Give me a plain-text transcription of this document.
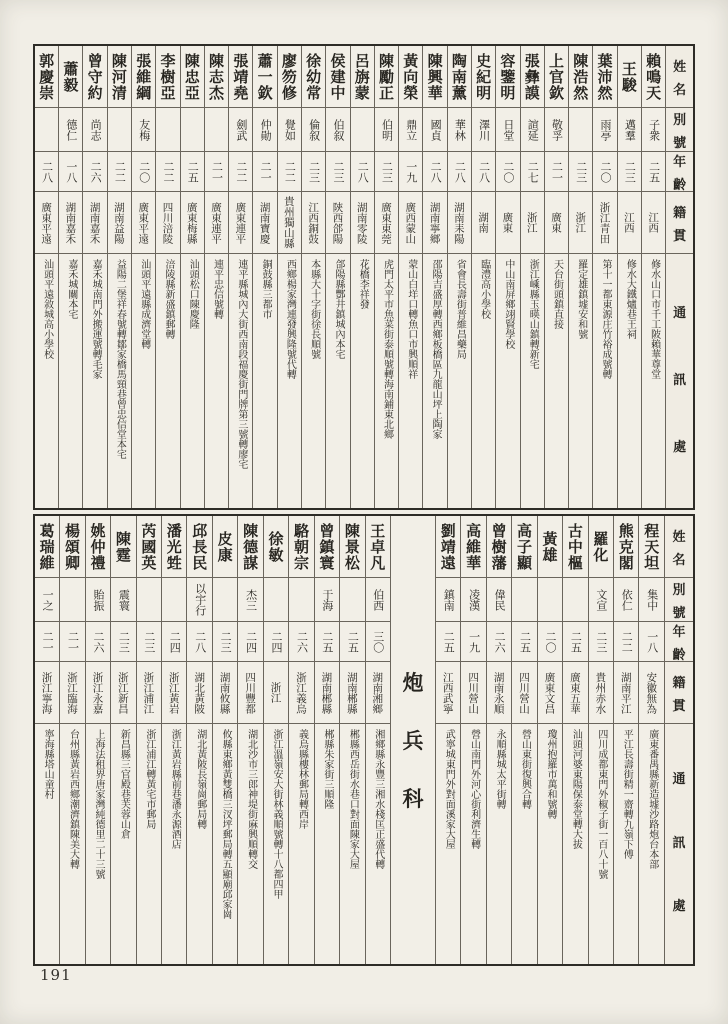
姓
名
別
號
年
齡
籍
貫
通
訊
處
賴鳴天
子衆
二五
江西
修水山口市千工陂賴華尊堂
王駿
邁羣
二三
江西
修水大鐵爐巷王祠
葉沛然
雨亭
二〇
浙江青田
第十一都東源庄竹裕成號轉
陳浩然
二三
浙江
羅定雄鎮墟安和號
上官欽
敬孚
二一
廣東
天台街頭鎮直接
張彝謨
諠延
二七
浙江
浙江嵊縣玉暎山鎮轉新宅
容鑒明
日堂
二〇
廣東
中山南屏鄉翊賢學校
史紀明
澤川
二八
湖南
臨澧高小學校
陶南薰
華林
二八
湖南耒陽
省會長壽街普維昌藥局
陳興華
國貞
二八
湖南寧鄉
邵陽吉盛厚轉西鄉板橋區九龍山坪上陶家
黃向榮
鼎立
一九
廣西蒙山
蒙山白垟口轉魚口市興順祥
陳勵正
伯明
二三
廣東東莞
虎門太平市魚菜街泰順號轉海南鋪東北鄉
呂旃蒙
二八
湖南零陵
花橋李祥發
侯建中
伯叙
二三
陝西郃陽
郃陽縣酆井鎮城內本宅
徐幼常
倫叙
二三
江西銅鼓
本縣大十字街徐長順號
廖笏修
覺如
二二
貴州獨山縣
西鄉楊家灣連發興隆號代轉
蕭一欽
仲勛
二一
湖南寶慶
銅鼓縣三都市
張靖堯
劍武
二二
廣東連平
連平縣城內大街西南段福慶街門牌第三號轉廖宅
陳志杰
二一
廣東連平
連平忠信號轉
陳忠亞
二五
廣東梅縣
汕頭松口陳慶隆
李樹亞
二二
四川涪陵
涪陵縣新盛鎮郵轉
張維綱
友梅
二〇
廣東平遠
汕頭平遠縣成濟堂轉
陳河清
二二
湖南益陽
益陽二堡祥春號轉鄒家橋馬頸巷曾忠信堂本宅
曾守約
尚志
二六
湖南嘉禾
嘉禾城南門外搬運號轉毛家
蕭毅
德仁
一八
湖南嘉禾
嘉禾城關本宅
郭慶崇
二八
廣東平遠
汕頭平遠敘城高小學校
姓
名
別
號
年
齡
籍
貫
通
訊
處
程天坦
集中
一八
安徽無為
廣東番禺縣新造墟沙路炮台本部
熊克閣
依仁
二二
湖南平江
平江長壽街精一齋轉九嶺下傅
羅化
文宣
二三
貴州赤水
四川成都東門外椒子街一百八十號
古中樞
二五
廣東五華
汕頭河婆東陽保泰堂轉大拔
黃雄
二〇
廣東文昌
瓊州抱羅市萬和號轉
高子顯
二五
四川營山
營山東街復興合轉
曾樹藩
偉民
二六
湖南永順
永順縣城太平街轉
高維華
凌漢
一九
四川營山
營山南門外河心街利濟生轉
劉靖遠
鎮南
二五
江西武寧
武寧城東門外對面溪家大屋
炮
兵
科
王卓凡
伯西
三〇
湖南湘鄉
湘鄉縣永豐三湘水棧匡正盛代轉
陳景松
二五
湖南郴縣
郴縣西岳街水巷口對面陳家大屋
曾鎮寰
于海
二五
湖南郴縣
郴縣朱家街三順隆
駱朝宗
二六
浙江義烏
義烏縣樓林郵局轉西岸
徐敏
二四
浙江
浙江溫嶺安大街林義順號轉十八都四甲
陳德謀
杰三
二四
四川豐都
湖北沙市三郎神堤街麻興順轉交
皮康
二三
湖南攸縣
攸縣東鄉黃雙橋三汊坪郵局轉五顯廟邱家崗
邱長民
以宇行
二八
湖北黃陂
湖北黃陂長嶺崗郵局轉
潘光甡
二四
浙江黃岩
浙江黃岩縣前巷潘永源酒店
芮國英
二三
浙江浦江
浙江浦江轉黃宅市郵局
陳霆
震寰
二三
浙江新昌
新昌縣三官殿巷芙蓉山倉
姚仲禮
貽振
二六
浙江永嘉
上海法租界唐家灣純德里二十三號
楊頌卿
二一
浙江臨海
台州縣黃岩西鄉潮濟鎮陳美大轉
葛瑞維
一之
二一
浙江寧海
寧海縣塔山童村
191
